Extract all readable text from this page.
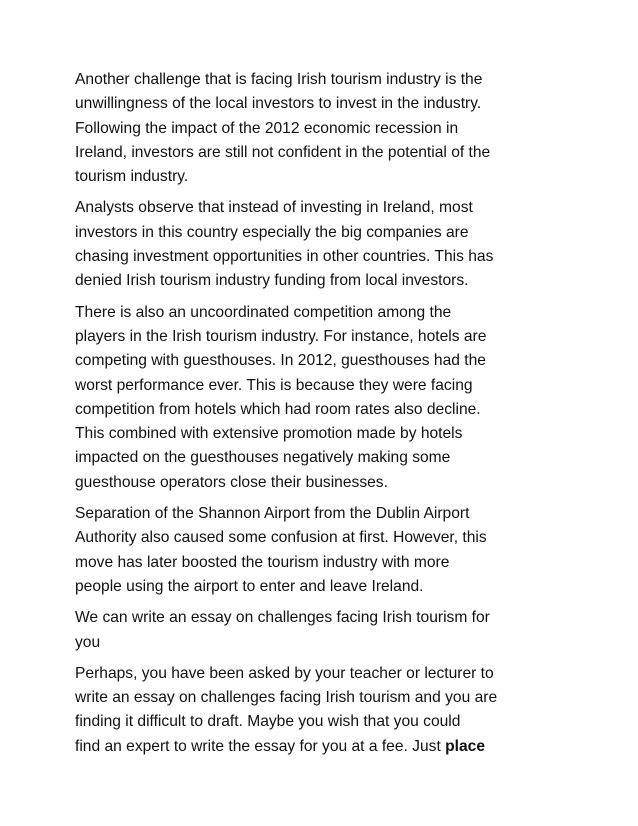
Another challenge that is facing Irish tourism industry is the
unwillingness of the local investors to invest in the industry.
Following the impact of the 2012 economic recession in
Ireland, investors are still not confident in the potential of the
tourism industry.

Analysts observe that instead of investing in Ireland, most
investors in this country especially the big companies are
chasing investment opportunities in other countries. This has
denied Irish tourism industry funding from local investors.

There is also an uncoordinated competition among the
players in the Irish tourism industry. For instance, hotels are
competing with guesthouses. In 2012, guesthouses had the
worst performance ever. This is because they were facing
competition from hotels which had room rates also decline.
This combined with extensive promotion made by hotels
impacted on the guesthouses negatively making some
guesthouse operators close their businesses.

Separation of the Shannon Airport from the Dublin Airport
Authority also caused some confusion at first. However, this
move has later boosted the tourism industry with more
people using the airport to enter and leave Ireland.

We can write an essay on challenges facing Irish tourism for
you

Perhaps, you have been asked by your teacher or lecturer to
write an essay on challenges facing Irish tourism and you are
finding it difficult to draft. Maybe you wish that you could
find an expert to write the essay for you at a fee. Just place
